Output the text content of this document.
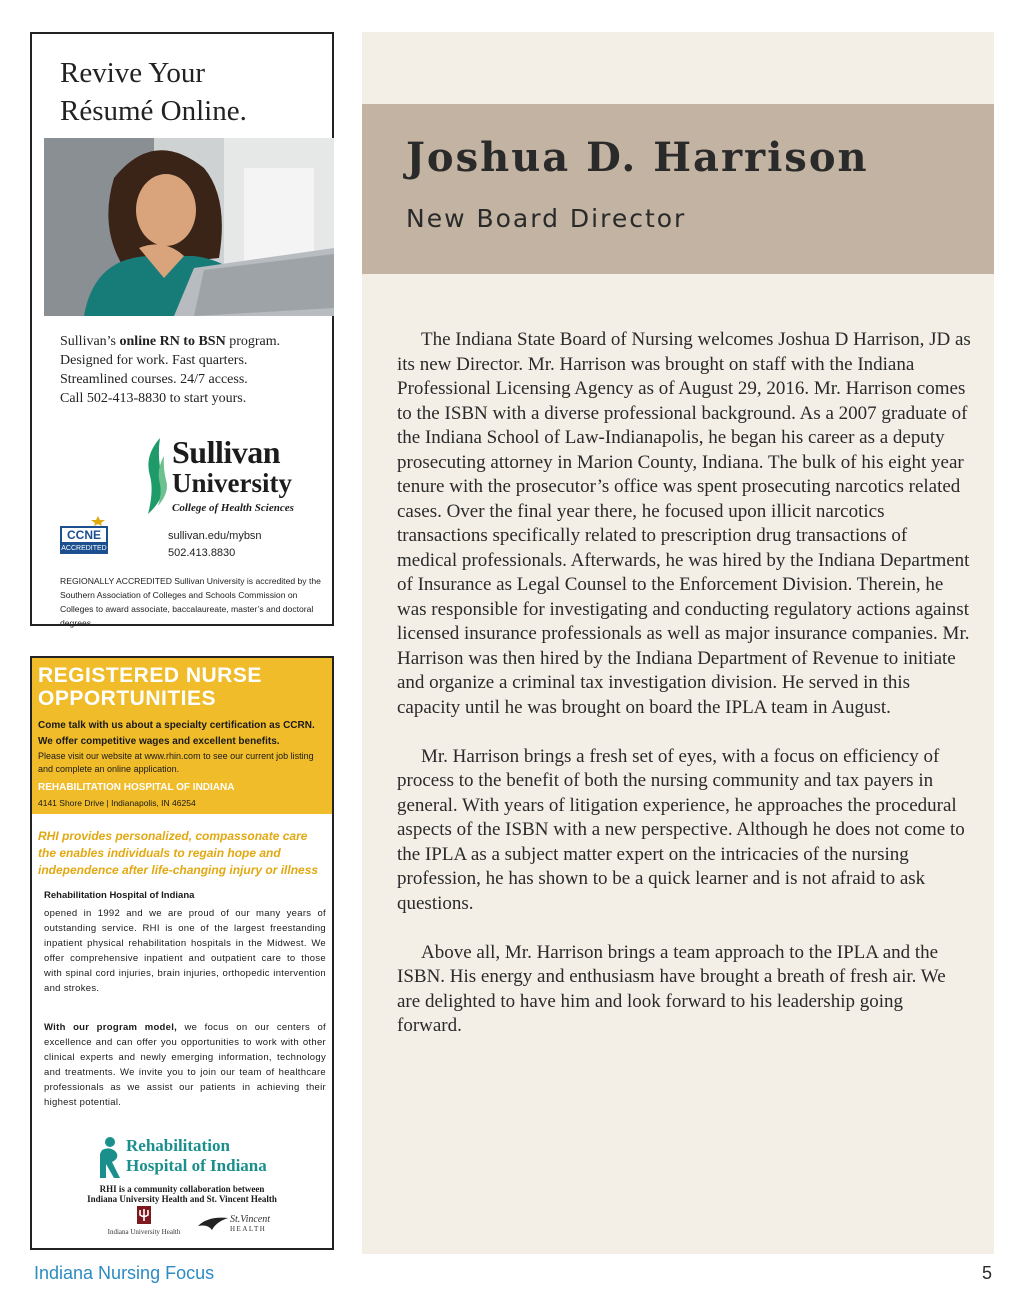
Revive Your
Résumé Online.
Sullivan’s online RN to BSN program.
Designed for work. Fast quarters.
Streamlined courses. 24/7 access.
Call 502-413-8830 to start yours.
Sullivan
University
College of Health Sciences
CCNE
ACCREDITED
sullivan.edu/mybsn
502.413.8830
REGIONALLY ACCREDITED Sullivan University is accredited by the Southern Association of Colleges and Schools Commission on Colleges to award associate, baccalaureate, master’s and doctoral degrees.
REGISTERED NURSE
OPPORTUNITIES
Come talk with us about a specialty certification as CCRN. We offer competitive wages and excellent benefits.
Please visit our website at www.rhin.com to see our current job listing and complete an online application.
REHABILITATION HOSPITAL OF INDIANA
4141 Shore Drive | Indianapolis, IN 46254
RHI provides personalized, compassonate care the enables individuals to regain hope and independence after life-changing injury or illness
Rehabilitation Hospital of Indiana
opened in 1992 and we are proud of our many years of outstanding service. RHI is one of the largest freestanding inpatient physical rehabilitation hospitals in the Midwest. We offer comprehensive inpatient and outpatient care to those with spinal cord injuries, brain injuries, orthopedic intervention and strokes.
With our program model, we focus on our centers of excellence and can offer you opportunities to work with other clinical experts and newly emerging information, technology and treatments. We invite you to join our team of healthcare professionals as we assist our patients in achieving their highest potential.
Rehabilitation
Hospital of Indiana
RHI is a community collaboration between
Indiana University Health and St. Vincent Health
Indiana University Health
St.Vincent
HEALTH
Joshua D. Harrison
New Board Director

The Indiana State Board of Nursing welcomes Joshua D Harrison, JD as its new Director. Mr. Harrison was brought on staff with the Indiana Professional Licensing Agency as of August 29, 2016. Mr. Harrison comes to the ISBN with a diverse professional background. As a 2007 graduate of the Indiana School of Law-Indianapolis, he began his career as a deputy prosecuting attorney in Marion County, Indiana. The bulk of his eight year tenure with the prosecutor’s office was spent prosecuting narcotics related cases. Over the final year there, he focused upon illicit narcotics transactions specifically related to prescription drug transactions of medical professionals. Afterwards, he was hired by the Indiana Department of Insurance as Legal Counsel to the Enforcement Division. Therein, he was responsible for investigating and conducting regulatory actions against licensed insurance professionals as well as major insurance companies. Mr. Harrison was then hired by the Indiana Department of Revenue to initiate and organize a criminal tax investigation division. He served in this capacity until he was brought on board the IPLA team in August.

Mr. Harrison brings a fresh set of eyes, with a focus on efficiency of process to the benefit of both the nursing community and tax payers in general. With years of litigation experience, he approaches the procedural aspects of the ISBN with a new perspective. Although he does not come to the IPLA as a subject matter expert on the intricacies of the nursing profession, he has shown to be a quick learner and is not afraid to ask questions.

Above all, Mr. Harrison brings a team approach to the IPLA and the ISBN. His energy and enthusiasm have brought a breath of fresh air. We are delighted to have him and look forward to his leadership going forward.

Indiana Nursing Focus	5
